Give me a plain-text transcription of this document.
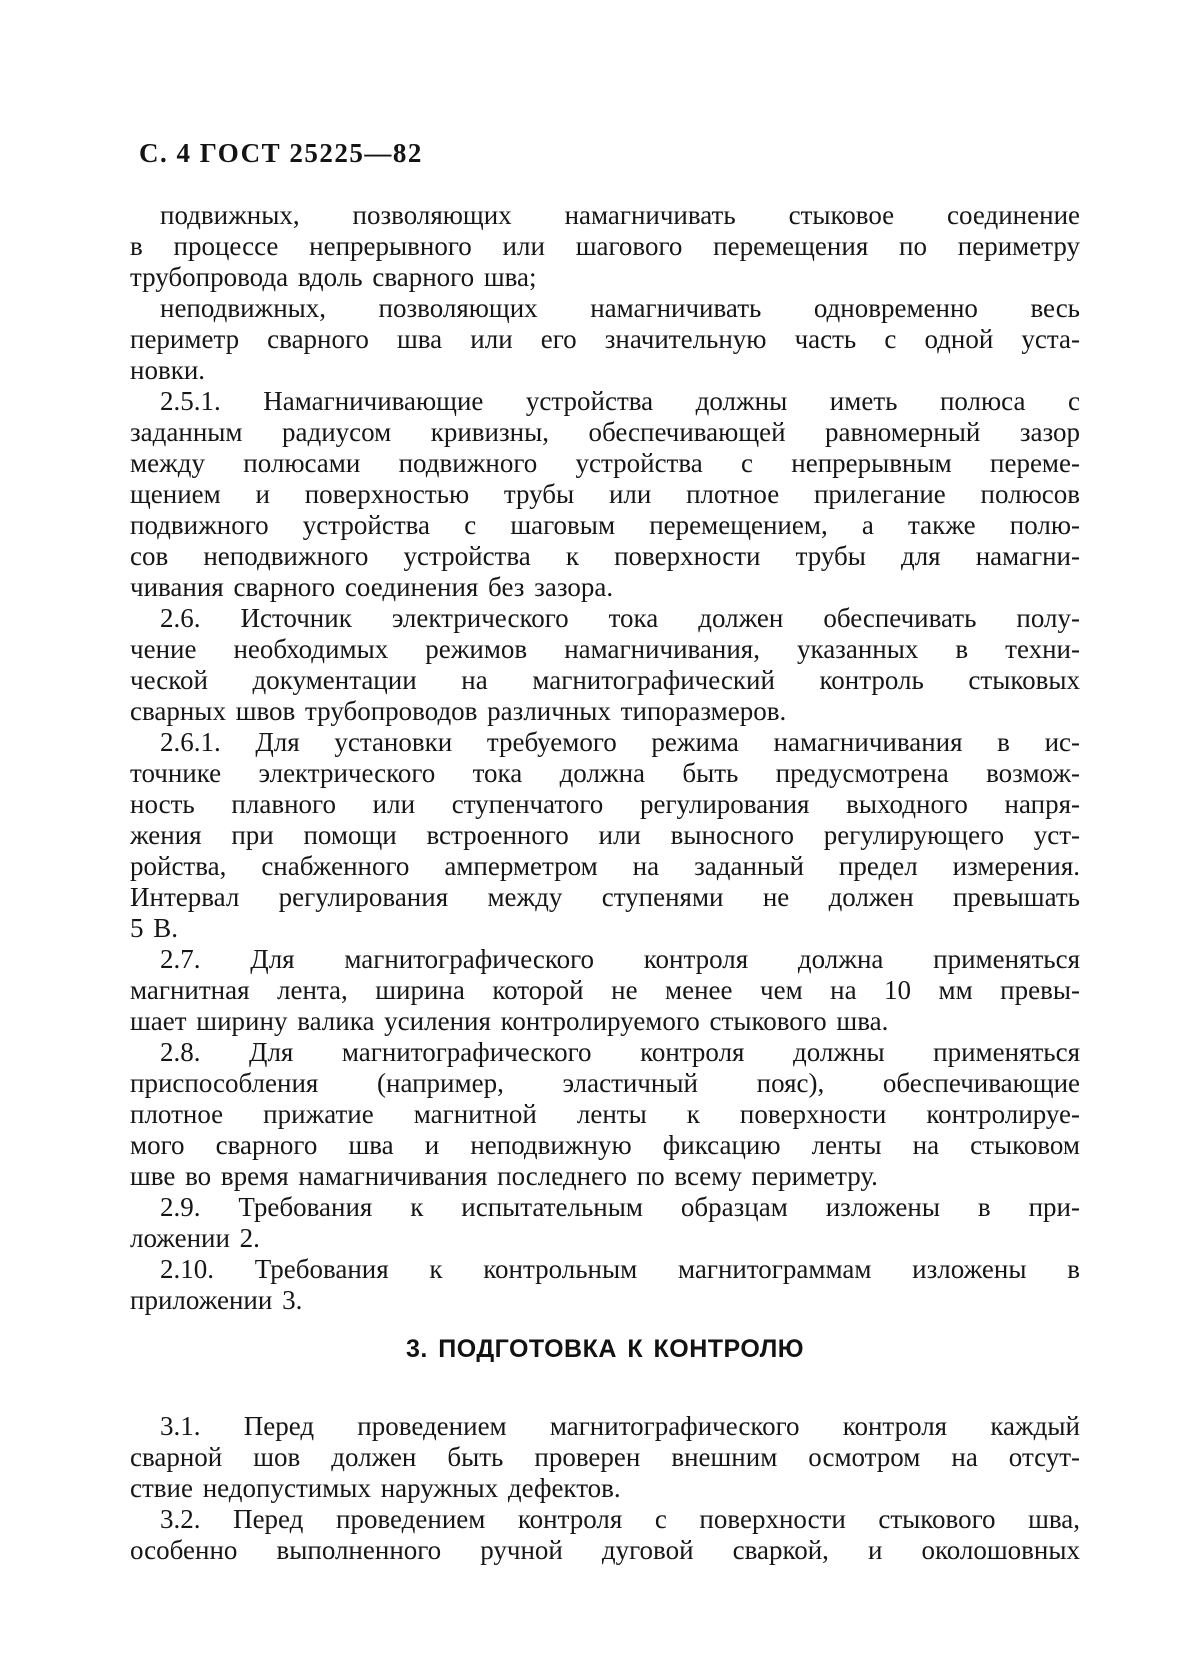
С. 4 ГОСТ 25225—82
подвижных, позволяющих намагничивать стыковое соединение
в процессе непрерывного или шагового перемещения по периметру
трубопровода вдоль сварного шва;
неподвижных, позволяющих намагничивать одновременно весь
периметр сварного шва или его значительную часть с одной уста-
новки.
2.5.1. Намагничивающие устройства должны иметь полюса с
заданным радиусом кривизны, обеспечивающей равномерный зазор
между полюсами подвижного устройства с непрерывным переме-
щением и поверхностью трубы или плотное прилегание полюсов
подвижного устройства с шаговым перемещением, а также полю-
сов неподвижного устройства к поверхности трубы для намагни-
чивания сварного соединения без зазора.
2.6. Источник электрического тока должен обеспечивать полу-
чение необходимых режимов намагничивания, указанных в техни-
ческой документации на магнитографический контроль стыковых
сварных швов трубопроводов различных типоразмеров.
2.6.1. Для установки требуемого режима намагничивания в ис-
точнике электрического тока должна быть предусмотрена возмож-
ность плавного или ступенчатого регулирования выходного напря-
жения при помощи встроенного или выносного регулирующего уст-
ройства, снабженного амперметром на заданный предел измерения.
Интервал регулирования между ступенями не должен превышать
5 В.
2.7. Для магнитографического контроля должна применяться
магнитная лента, ширина которой не менее чем на 10 мм превы-
шает ширину валика усиления контролируемого стыкового шва.
2.8. Для магнитографического контроля должны применяться
приспособления (например, эластичный пояс), обеспечивающие
плотное прижатие магнитной ленты к поверхности контролируе-
мого сварного шва и неподвижную фиксацию ленты на стыковом
шве во время намагничивания последнего по всему периметру.
2.9. Требования к испытательным образцам изложены в при-
ложении 2.
2.10. Требования к контрольным магнитограммам изложены в
приложении 3.
3. ПОДГОТОВКА К КОНТРОЛЮ
3.1. Перед проведением магнитографического контроля каждый
сварной шов должен быть проверен внешним осмотром на отсут-
ствие недопустимых наружных дефектов.
3.2. Перед проведением контроля с поверхности стыкового шва,
особенно выполненного ручной дуговой сваркой, и околошовных
